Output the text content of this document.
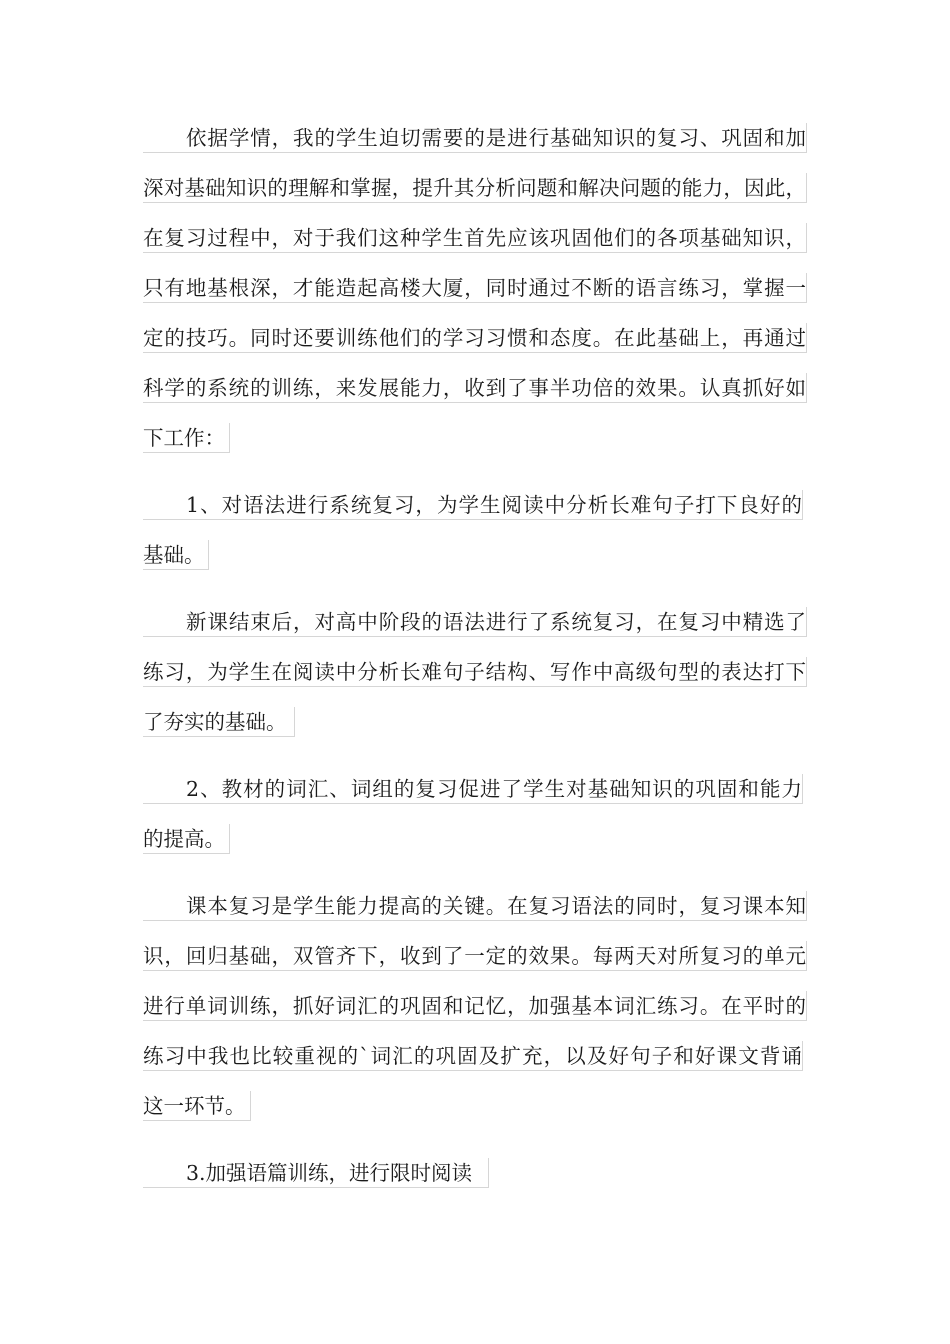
依据学情，我的学生迫切需要的是进行基础知识的复习、巩固和加
深对基础知识的理解和掌握，提升其分析问题和解决问题的能力，因此，
在复习过程中，对于我们这种学生首先应该巩固他们的各项基础知识，
只有地基根深，才能造起高楼大厦，同时通过不断的语言练习，掌握一
定的技巧。同时还要训练他们的学习习惯和态度。在此基础上，再通过
科学的系统的训练，来发展能力，收到了事半功倍的效果。认真抓好如
下工作：
1、对语法进行系统复习，为学生阅读中分析长难句子打下良好的
基础。
新课结束后，对高中阶段的语法进行了系统复习，在复习中精选了
练习，为学生在阅读中分析长难句子结构、写作中高级句型的表达打下
了夯实的基础。
2、教材的词汇、词组的复习促进了学生对基础知识的巩固和能力
的提高。
课本复习是学生能力提高的关键。在复习语法的同时，复习课本知
识，回归基础，双管齐下，收到了一定的效果。每两天对所复习的单元
进行单词训练，抓好词汇的巩固和记忆，加强基本词汇练习。在平时的
练习中我也比较重视的`词汇的巩固及扩充，以及好句子和好课文背诵
这一环节。
3.加强语篇训练，进行限时阅读
